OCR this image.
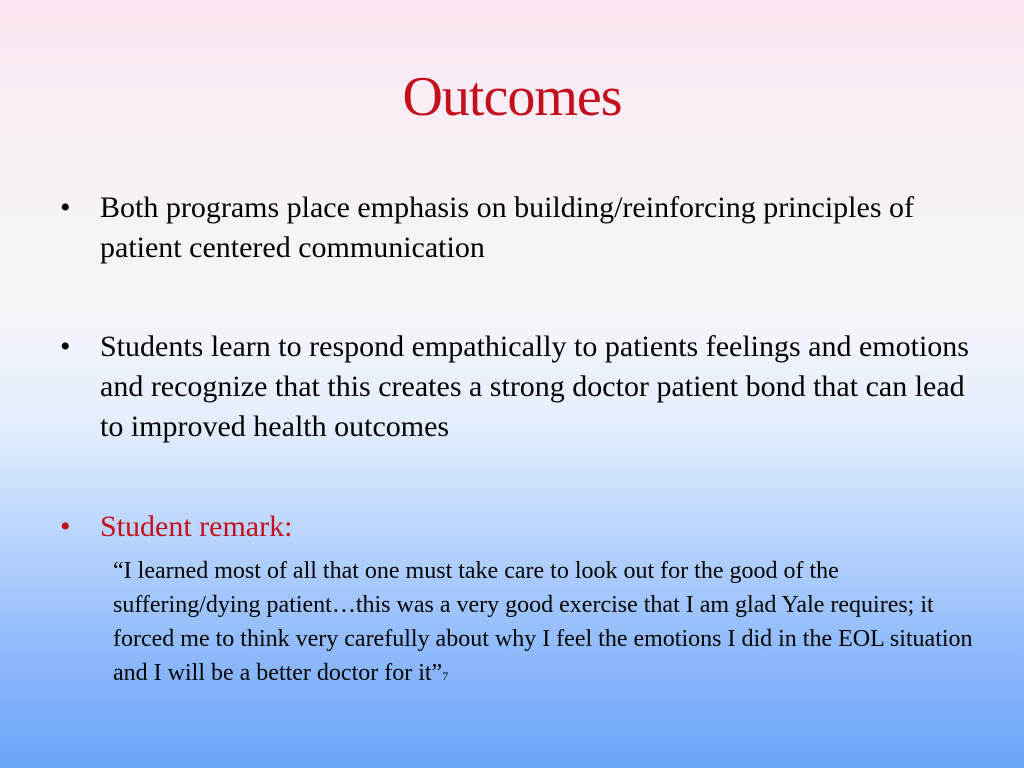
Outcomes
• Both programs place emphasis on building/reinforcing principles of patient centered communication
• Students learn to respond empathically to patients feelings and emotions and recognize that this creates a strong doctor patient bond that can lead to improved health outcomes
• Student remark:
“I learned most of all that one must take care to look out for the good of the suffering/dying patient…this was a very good exercise that I am glad Yale requires; it forced me to think very carefully about why I feel the emotions I did in the EOL situation and I will be a better doctor for it”7
